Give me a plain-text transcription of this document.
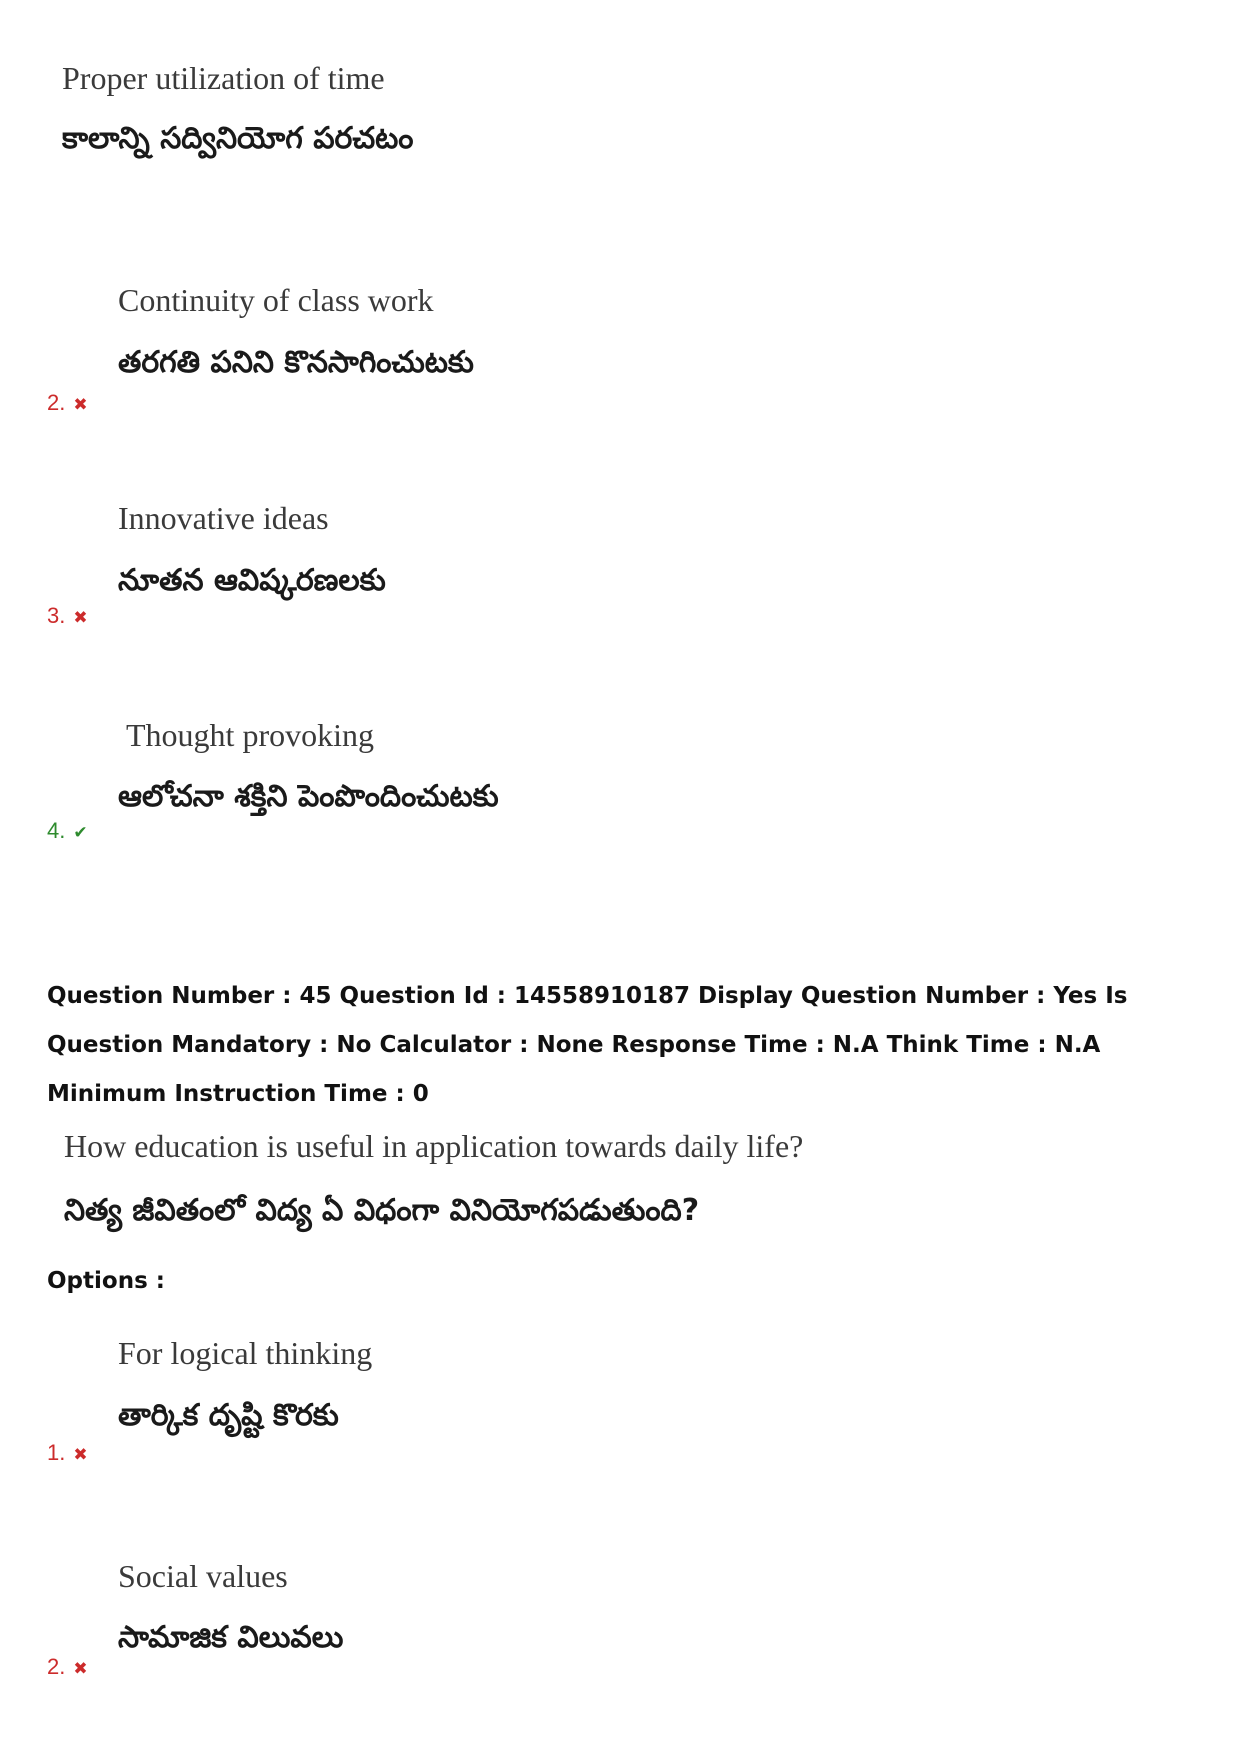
Proper utilization of time
కాలాన్ని సద్వినియోగ పరచటం
Continuity of class work
తరగతి పనిని కొనసాగించుటకు
2. ✖
Innovative ideas
నూతన ఆవిష్కరణలకు
3. ✖
Thought provoking
ఆలోచనా శక్తిని పెంపొందించుటకు
4. ✔
Question Number : 45 Question Id : 14558910187 Display Question Number : Yes Is Question Mandatory : No Calculator : None Response Time : N.A Think Time : N.A Minimum Instruction Time : 0
How education is useful in application towards daily life?
నిత్య జీవితంలో విద్య ఏ విధంగా వినియోగపడుతుంది?
Options :
For logical thinking
తార్కిక దృష్టి కొరకు
1. ✖
Social values
సామాజిక విలువలు
2. ✖
